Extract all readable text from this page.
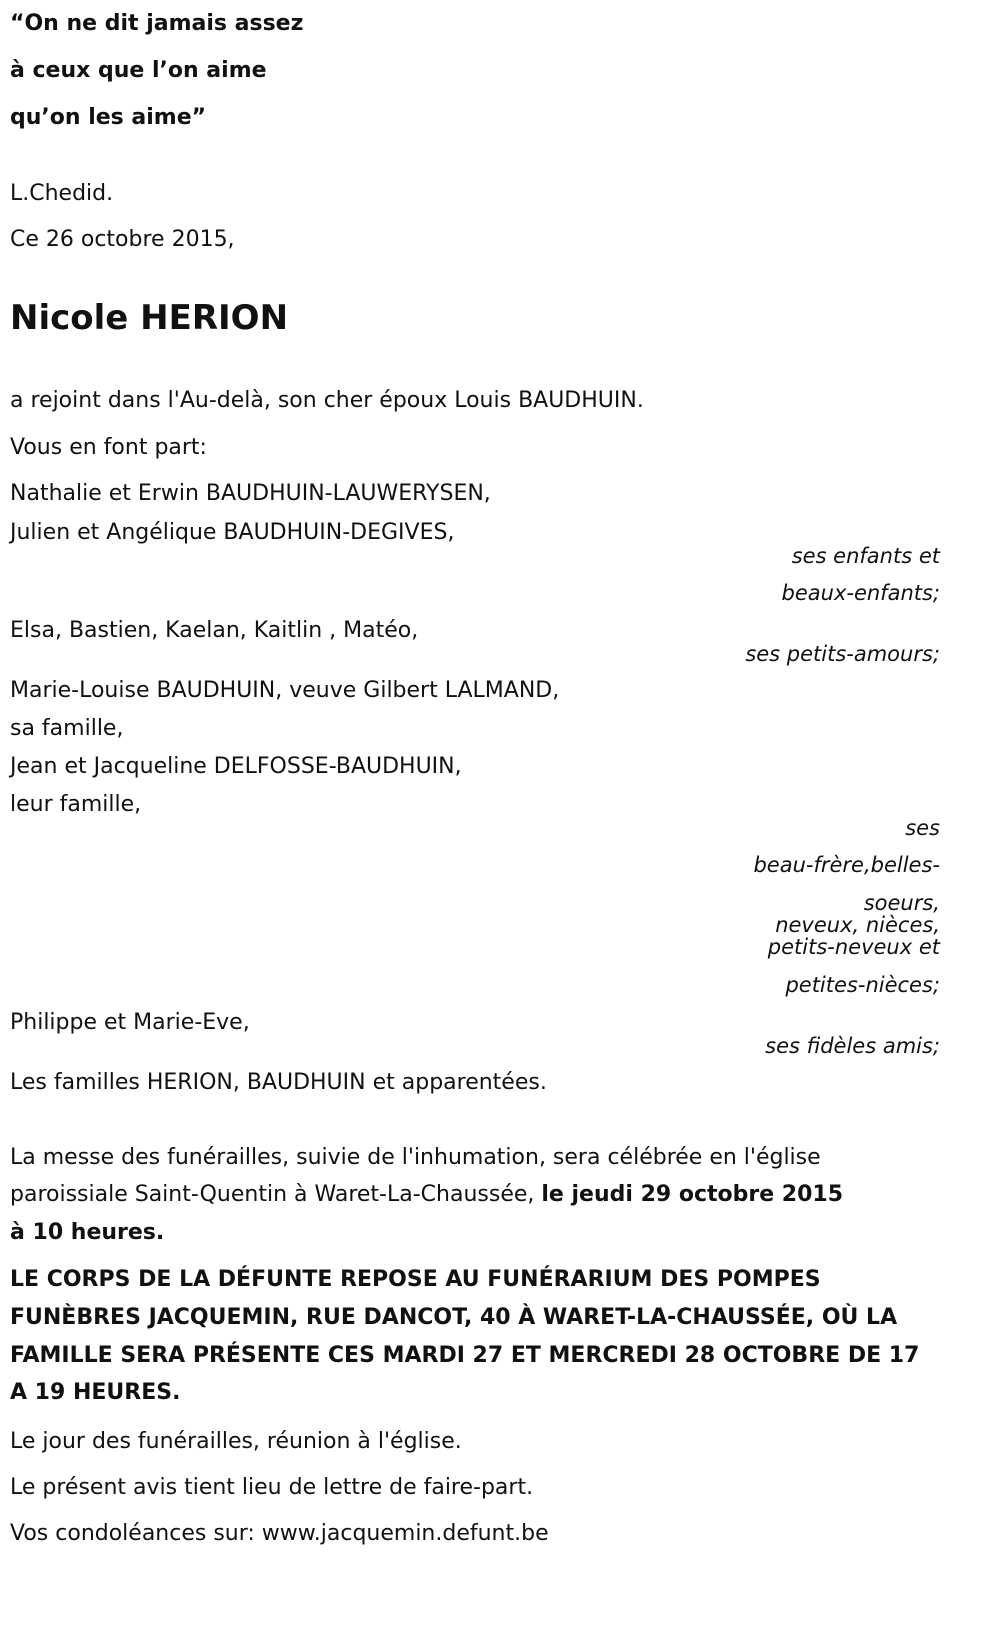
“On ne dit jamais assez
à ceux que l’on aime
qu’on les aime”
L.Chedid.
Ce 26 octobre 2015,
Nicole HERION
a rejoint dans l'Au-delà, son cher époux Louis BAUDHUIN.
Vous en font part:
Nathalie et Erwin BAUDHUIN-LAUWERYSEN,
Julien et Angélique BAUDHUIN-DEGIVES,
ses enfants et
beaux-enfants;
Elsa, Bastien, Kaelan, Kaitlin , Matéo,
ses petits-amours;
Marie-Louise BAUDHUIN, veuve Gilbert LALMAND,
sa famille,
Jean et Jacqueline DELFOSSE-BAUDHUIN,
leur famille,
ses
beau-frère,belles-
soeurs,
neveux, nièces,
petits-neveux et
petites-nièces;
Philippe et Marie-Eve,
ses fidèles amis;
Les familles HERION, BAUDHUIN et apparentées.
La messe des funérailles, suivie de l'inhumation, sera célébrée en l'église
paroissiale Saint-Quentin à Waret-La-Chaussée, le jeudi 29 octobre 2015
à 10 heures.
LE CORPS DE LA DÉFUNTE REPOSE AU FUNÉRARIUM DES POMPES
FUNÈBRES JACQUEMIN, RUE DANCOT, 40 À WARET-LA-CHAUSSÉE, OÙ LA
FAMILLE SERA PRÉSENTE CES MARDI 27 ET MERCREDI 28 OCTOBRE DE 17
A 19 HEURES.
Le jour des funérailles, réunion à l'église.
Le présent avis tient lieu de lettre de faire-part.
Vos condoléances sur: www.jacquemin.defunt.be
